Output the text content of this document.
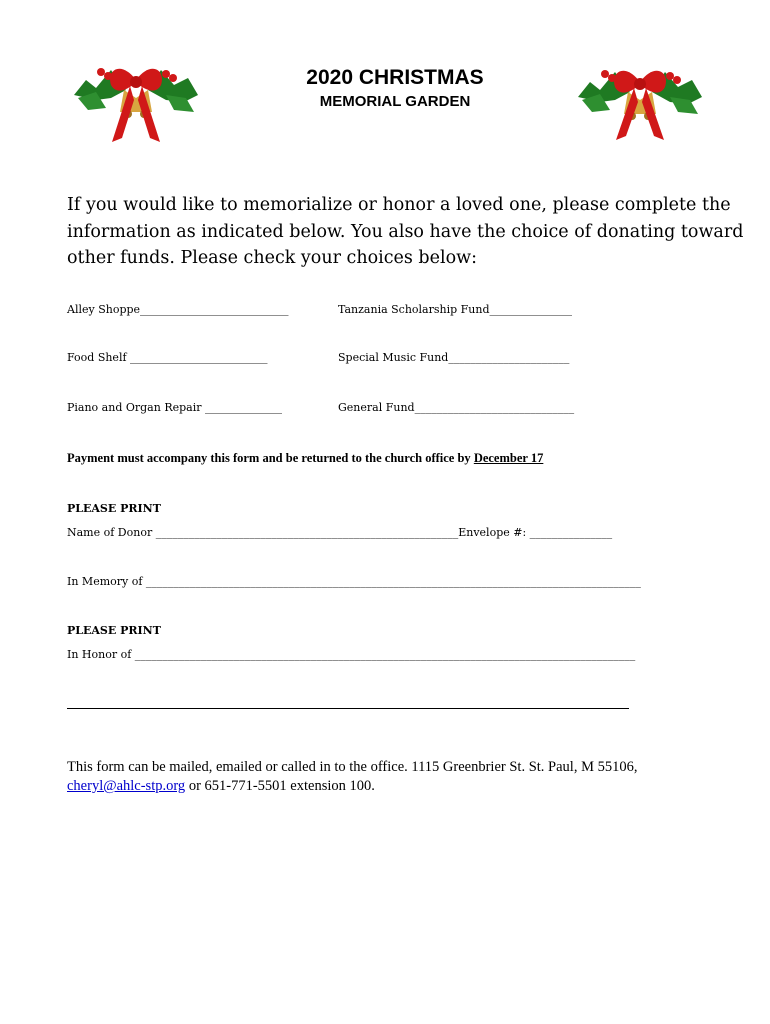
2020 CHRISTMAS
MEMORIAL GARDEN
If you would like to memorialize or honor a loved one, please complete the information as indicated below. You also have the choice of donating toward other funds. Please check your choices below:
Alley Shoppe___________________________	Tanzania Scholarship Fund_______________
Food Shelf _________________________	Special Music Fund______________________
Piano and Organ Repair ______________	General Fund_____________________________
Payment must accompany this form and be returned to the church office by December 17
PLEASE PRINT
Name of Donor _______________________________________________________Envelope #: _______________
In Memory of __________________________________________________________________________________________
PLEASE PRINT
In Honor of ___________________________________________________________________________________________
This form can be mailed, emailed or called in to the office. 1115 Greenbrier St. St. Paul, M 55106,
cheryl@ahlc-stp.org or 651-771-5501 extension 100.
